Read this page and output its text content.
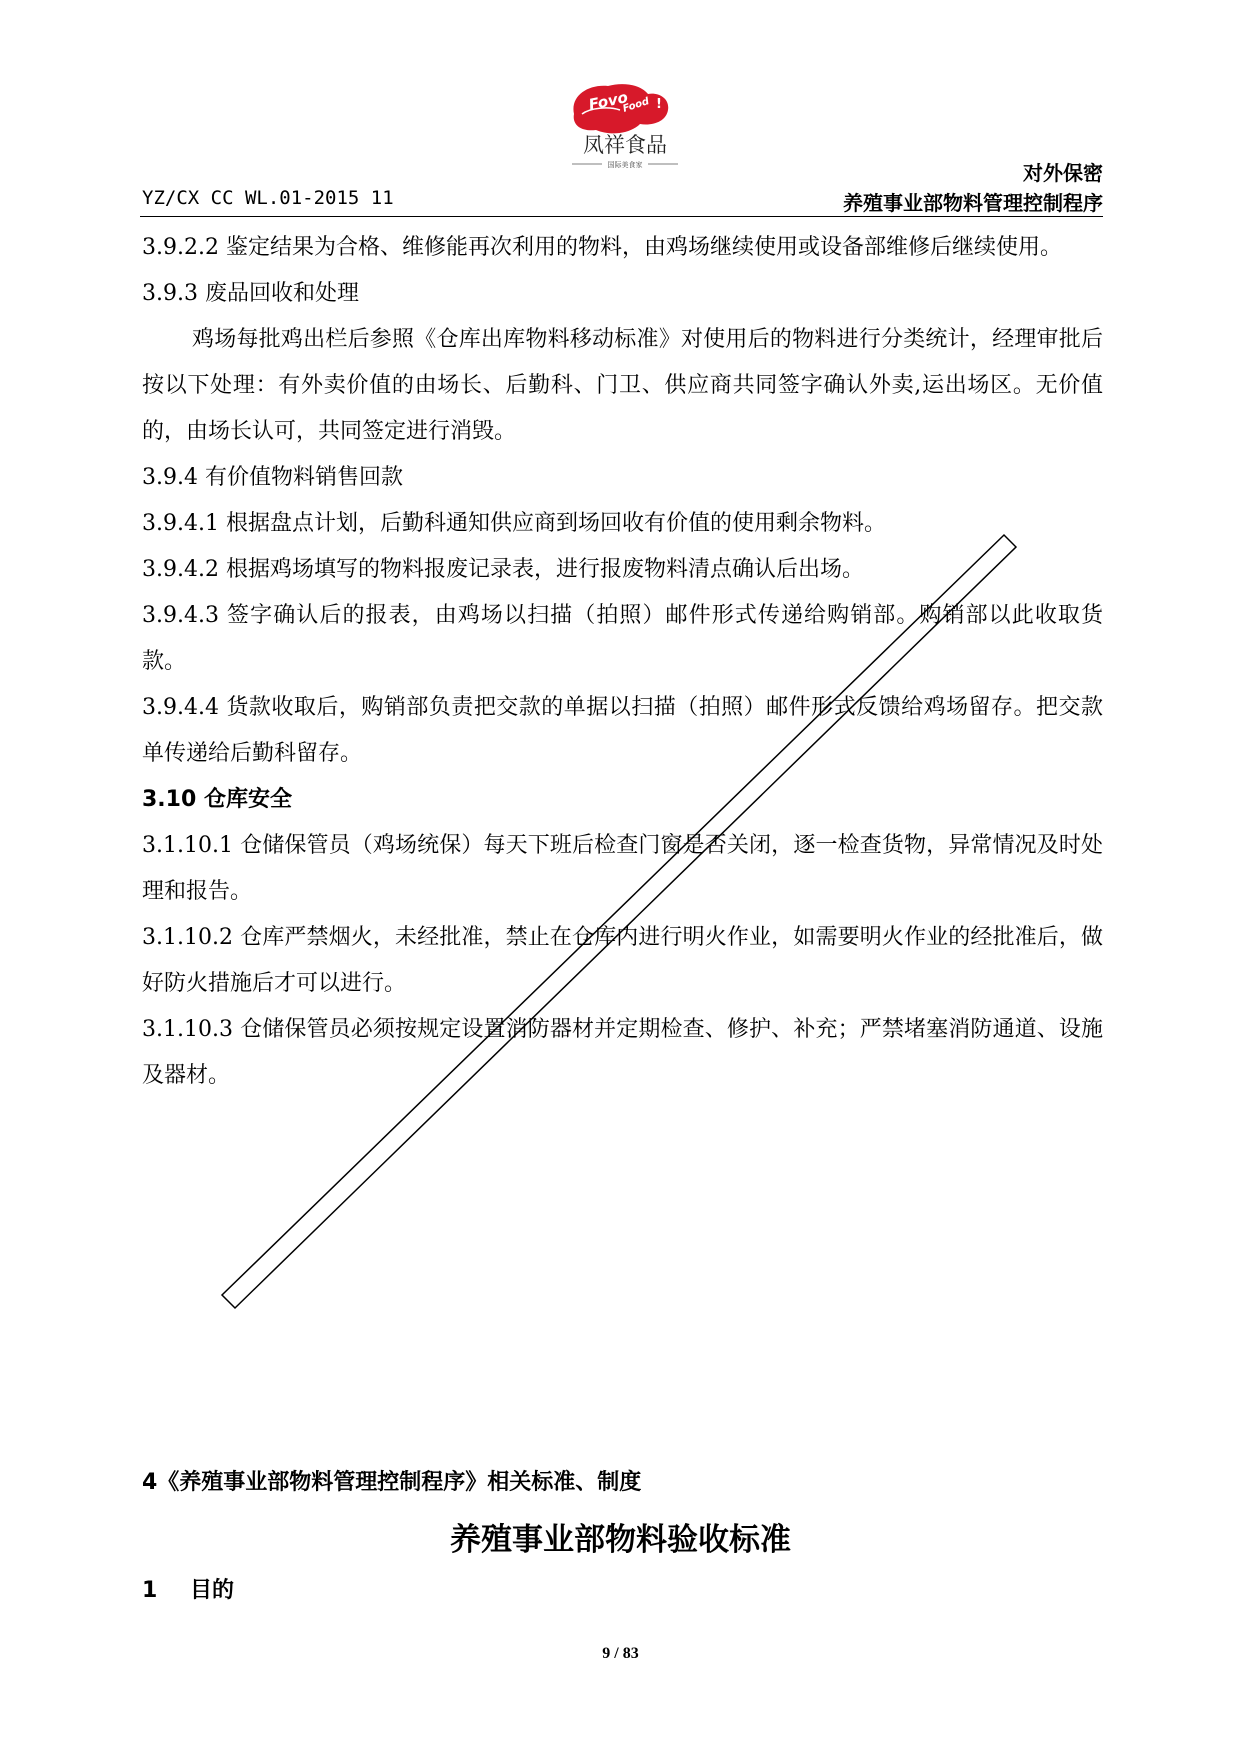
Fovo
Food !
凤祥食品
国际美食家
YZ/CX CC WL.01-2015 11
对外保密
养殖事业部物料管理控制程序

3.9.2.2 鉴定结果为合格、维修能再次利用的物料，由鸡场继续使用或设备部维修后继续使用。

3.9.3 废品回收和处理

鸡场每批鸡出栏后参照《仓库出库物料移动标准》对使用后的物料进行分类统计，经理审批后按以下处理：有外卖价值的由场长、后勤科、门卫、供应商共同签字确认外卖,运出场区。无价值的，由场长认可，共同签定进行消毁。

3.9.4 有价值物料销售回款

3.9.4.1 根据盘点计划，后勤科通知供应商到场回收有价值的使用剩余物料。

3.9.4.2 根据鸡场填写的物料报废记录表，进行报废物料清点确认后出场。

3.9.4.3 签字确认后的报表，由鸡场以扫描（拍照）邮件形式传递给购销部。购销部以此收取货款。

3.9.4.4 货款收取后，购销部负责把交款的单据以扫描（拍照）邮件形式反馈给鸡场留存。把交款单传递给后勤科留存。

3.10 仓库安全

3.1.10.1 仓储保管员（鸡场统保）每天下班后检查门窗是否关闭，逐一检查货物，异常情况及时处理和报告。

3.1.10.2 仓库严禁烟火，未经批准，禁止在仓库内进行明火作业，如需要明火作业的经批准后，做好防火措施后才可以进行。

3.1.10.3 仓储保管员必须按规定设置消防器材并定期检查、修护、补充；严禁堵塞消防通道、设施及器材。

4《养殖事业部物料管理控制程序》相关标准、制度
养殖事业部物料验收标准
1 目的
9 / 83
